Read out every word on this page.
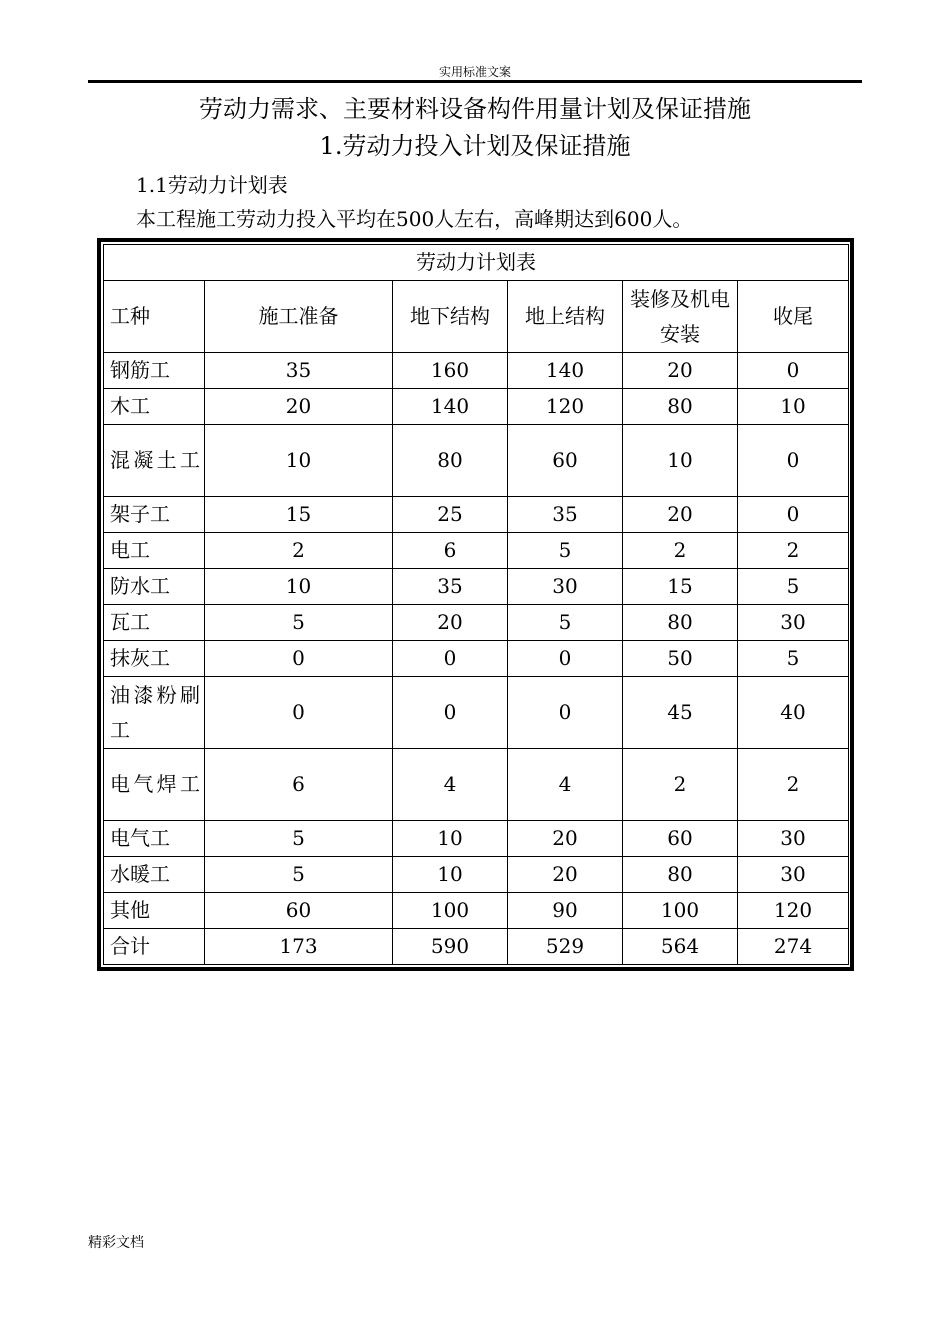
实用标准文案
劳动力需求、主要材料设备构件用量计划及保证措施
1.劳动力投入计划及保证措施
1.1劳动力计划表
本工程施工劳动力投入平均在500人左右，高峰期达到600人。
劳动力计划表					
工种	施工准备	地下结构	地上结构	装修及机电安装	收尾
钢筋工	35	160	140	20	0
木工	20	140	120	80	10
混凝土工	10	80	60	10	0
架子工	15	25	35	20	0
电工	2	6	5	2	2
防水工	10	35	30	15	5
瓦工	5	20	5	80	30
抹灰工	0	0	0	50	5
油漆粉刷工	0	0	0	45	40
电气焊工	6	4	4	2	2
电气工	5	10	20	60	30
水暖工	5	10	20	80	30
其他	60	100	90	100	120
合计	173	590	529	564	274
精彩文档
